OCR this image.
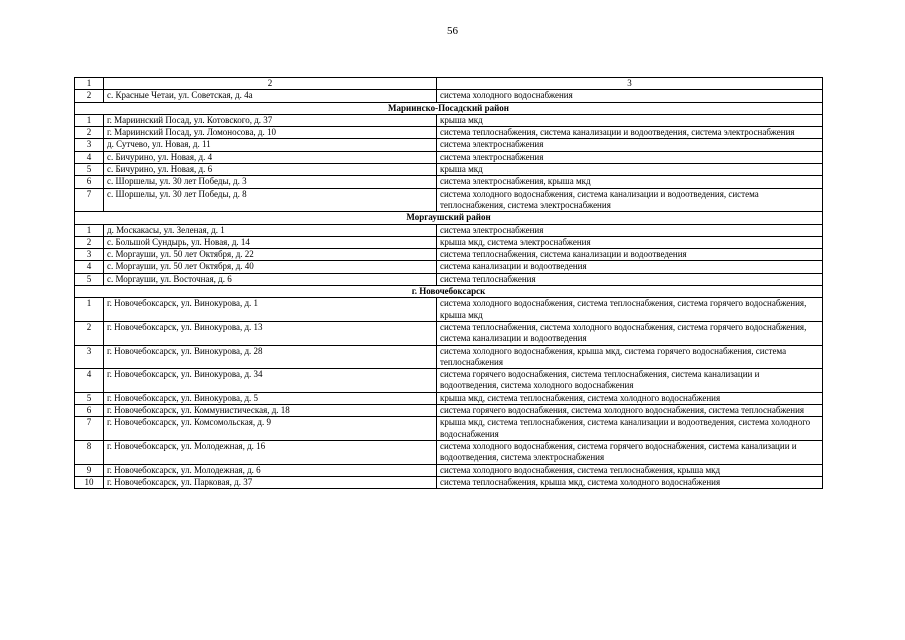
56
1	2	3
2	с. Красные Четаи, ул. Советская, д. 4а	система холодного водоснабжения
Мариинско-Посадский район		
1	г. Мариинский Посад, ул. Котовского, д. 37	крыша мкд
2	г. Мариинский Посад, ул. Ломоносова, д. 10	система теплоснабжения, система канализации и водоотведения, система электроснабжения
3	д. Сутчево, ул. Новая, д. 11	система электроснабжения
4	с. Бичурино, ул. Новая, д. 4	система электроснабжения
5	с. Бичурино, ул. Новая, д. 6	крыша мкд
6	с. Шоршелы, ул. 30 лет Победы, д. 3	система электроснабжения, крыша мкд
7	с. Шоршелы, ул. 30 лет Победы, д. 8	система холодного водоснабжения, система канализации и водоотведения, система теплоснабжения, система электроснабжения
Моргаушский район		
1	д. Москакасы, ул. Зеленая, д. 1	система электроснабжения
2	с. Большой Сундырь, ул. Новая, д. 14	крыша мкд, система электроснабжения
3	с. Моргауши, ул. 50 лет Октября, д. 22	система теплоснабжения, система канализации и водоотведения
4	с. Моргауши, ул. 50 лет Октября, д. 40	система канализации и водоотведения
5	с. Моргауши, ул. Восточная, д. 6	система теплоснабжения
г. Новочебоксарск		
1	г. Новочебоксарск, ул. Винокурова, д. 1	система холодного водоснабжения, система теплоснабжения, система горячего водоснабжения, крыша мкд
2	г. Новочебоксарск, ул. Винокурова, д. 13	система теплоснабжения, система холодного водоснабжения, система горячего водоснабжения, система канализации и водоотведения
3	г. Новочебоксарск, ул. Винокурова, д. 28	система холодного водоснабжения, крыша мкд, система горячего водоснабжения, система теплоснабжения
4	г. Новочебоксарск, ул. Винокурова, д. 34	система горячего водоснабжения, система теплоснабжения, система канализации и водоотведения, система холодного водоснабжения
5	г. Новочебоксарск, ул. Винокурова, д. 5	крыша мкд, система теплоснабжения, система холодного водоснабжения
6	г. Новочебоксарск, ул. Коммунистическая, д. 18	система горячего водоснабжения, система холодного водоснабжения, система теплоснабжения
7	г. Новочебоксарск, ул. Комсомольская, д. 9	крыша мкд, система теплоснабжения, система канализации и водоотведения, система холодного водоснабжения
8	г. Новочебоксарск, ул. Молодежная, д. 16	система холодного водоснабжения, система горячего водоснабжения, система канализации и водоотведения, система электроснабжения
9	г. Новочебоксарск, ул. Молодежная, д. 6	система холодного водоснабжения, система теплоснабжения, крыша мкд
10	г. Новочебоксарск, ул. Парковая, д. 37	система теплоснабжения, крыша мкд, система холодного водоснабжения
